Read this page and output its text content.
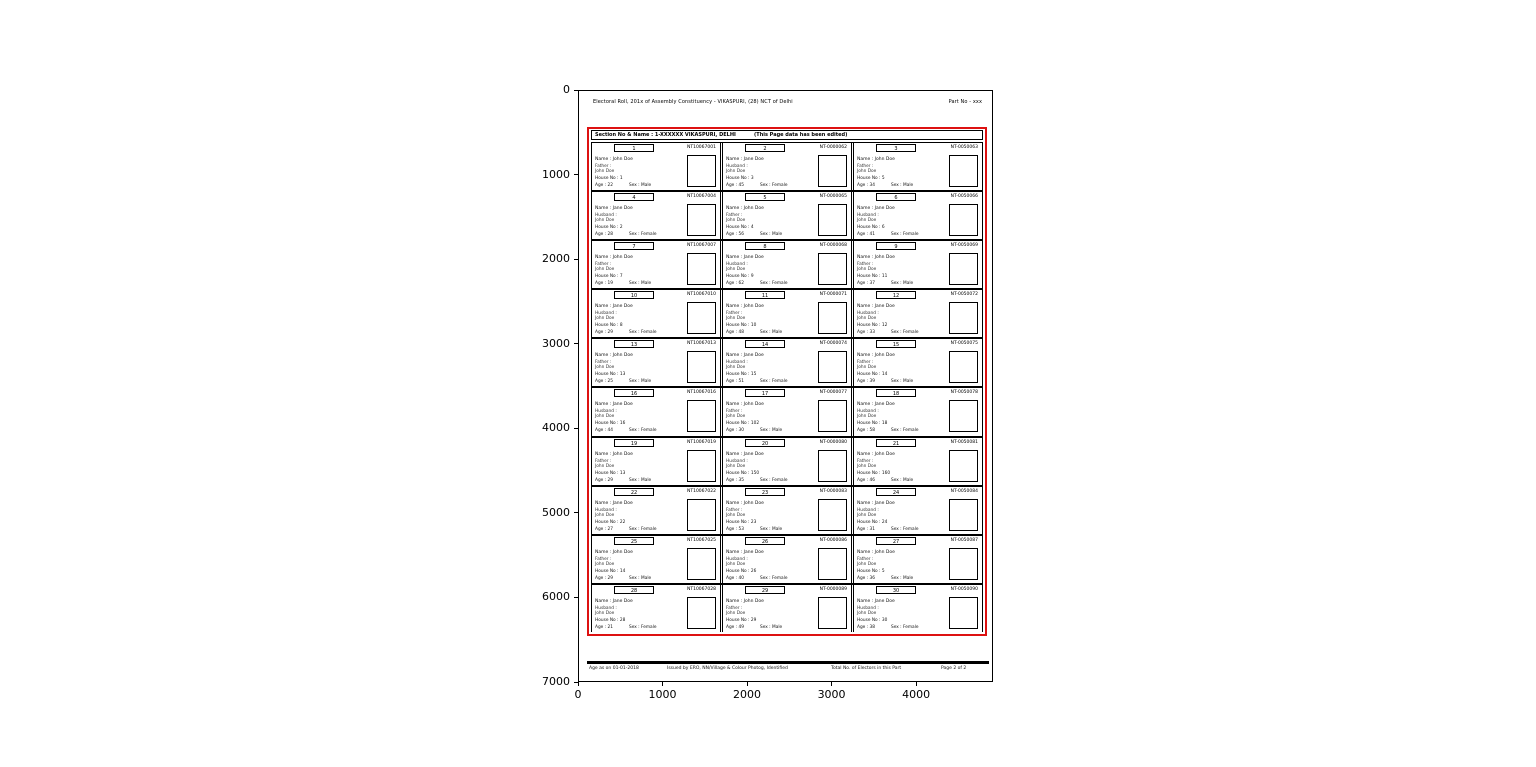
0
1000
2000
3000
4000
5000
6000
7000
0	1000	2000	3000	4000
Electoral Roll, 201x of Assembly Constituency - VIKASPURI, (28) NCT of Delhi	Part No - xxx
Section No & Name : 1-XXXXXX VIKASPURI, DELHI	(This Page data has been edited)
1	NT10067001
Name : John Doe
Father :
John Doe
House No : 1
Age : 22	Sex : Male
2	NT-0000062
Name : Jane Doe
Husband :
John Doe
House No : 3
Age : 45	Sex : Female
3	NT-0050063
Name : John Doe
Father :
John Doe
House No : 5
Age : 34	Sex : Male
4	NT10067004
Name : Jane Doe
Husband :
John Doe
House No : 2
Age : 28	Sex : Female
5	NT-0000065
Name : John Doe
Father :
John Doe
House No : 4
Age : 56	Sex : Male
6	NT-0050066
Name : Jane Doe
Husband :
John Doe
House No : 6
Age : 41	Sex : Female
7	NT10067007
Name : John Doe
Father :
John Doe
House No : 7
Age : 19	Sex : Male
8	NT-0000068
Name : Jane Doe
Husband :
John Doe
House No : 9
Age : 62	Sex : Female
9	NT-0050069
Name : John Doe
Father :
John Doe
House No : 11
Age : 37	Sex : Male
10	NT10067010
Name : Jane Doe
Husband :
John Doe
House No : 8
Age : 29	Sex : Female
11	NT-0000071
Name : John Doe
Father :
John Doe
House No : 10
Age : 48	Sex : Male
12	NT-0050072
Name : Jane Doe
Husband :
John Doe
House No : 12
Age : 33	Sex : Female
13	NT10067013
Name : John Doe
Father :
John Doe
House No : 13
Age : 25	Sex : Male
14	NT-0000074
Name : Jane Doe
Husband :
John Doe
House No : 15
Age : 51	Sex : Female
15	NT-0050075
Name : John Doe
Father :
John Doe
House No : 14
Age : 39	Sex : Male
16	NT10067016
Name : Jane Doe
Husband :
John Doe
House No : 16
Age : 44	Sex : Female
17	NT-0000077
Name : John Doe
Father :
John Doe
House No : 102
Age : 30	Sex : Male
18	NT-0050078
Name : Jane Doe
Husband :
John Doe
House No : 18
Age : 58	Sex : Female
19	NT10067019
Name : John Doe
Father :
John Doe
House No : 13
Age : 29	Sex : Male
20	NT-0000080
Name : Jane Doe
Husband :
John Doe
House No : 150
Age : 35	Sex : Female
21	NT-0050081
Name : John Doe
Father :
John Doe
House No : 160
Age : 46	Sex : Male
22	NT10067022
Name : Jane Doe
Husband :
John Doe
House No : 22
Age : 27	Sex : Female
23	NT-0000083
Name : John Doe
Father :
John Doe
House No : 23
Age : 53	Sex : Male
24	NT-0050084
Name : Jane Doe
Husband :
John Doe
House No : 24
Age : 31	Sex : Female
25	NT10067025
Name : John Doe
Father :
John Doe
House No : 14
Age : 29	Sex : Male
26	NT-0000086
Name : Jane Doe
Husband :
John Doe
House No : 26
Age : 40	Sex : Female
27	NT-0050087
Name : John Doe
Father :
John Doe
House No : 5
Age : 36	Sex : Male
28	NT10067028
Name : Jane Doe
Husband :
John Doe
House No : 28
Age : 21	Sex : Female
29	NT-0000089
Name : John Doe
Father :
John Doe
House No : 29
Age : 49	Sex : Male
30	NT-0050090
Name : Jane Doe
Husband :
John Doe
House No : 30
Age : 38	Sex : Female
Age as on 01-01-2018	Issued by ERO, NN/Village & Colour Photog, Identified	Total No. of Electors in this Part	Page 2 of 2
